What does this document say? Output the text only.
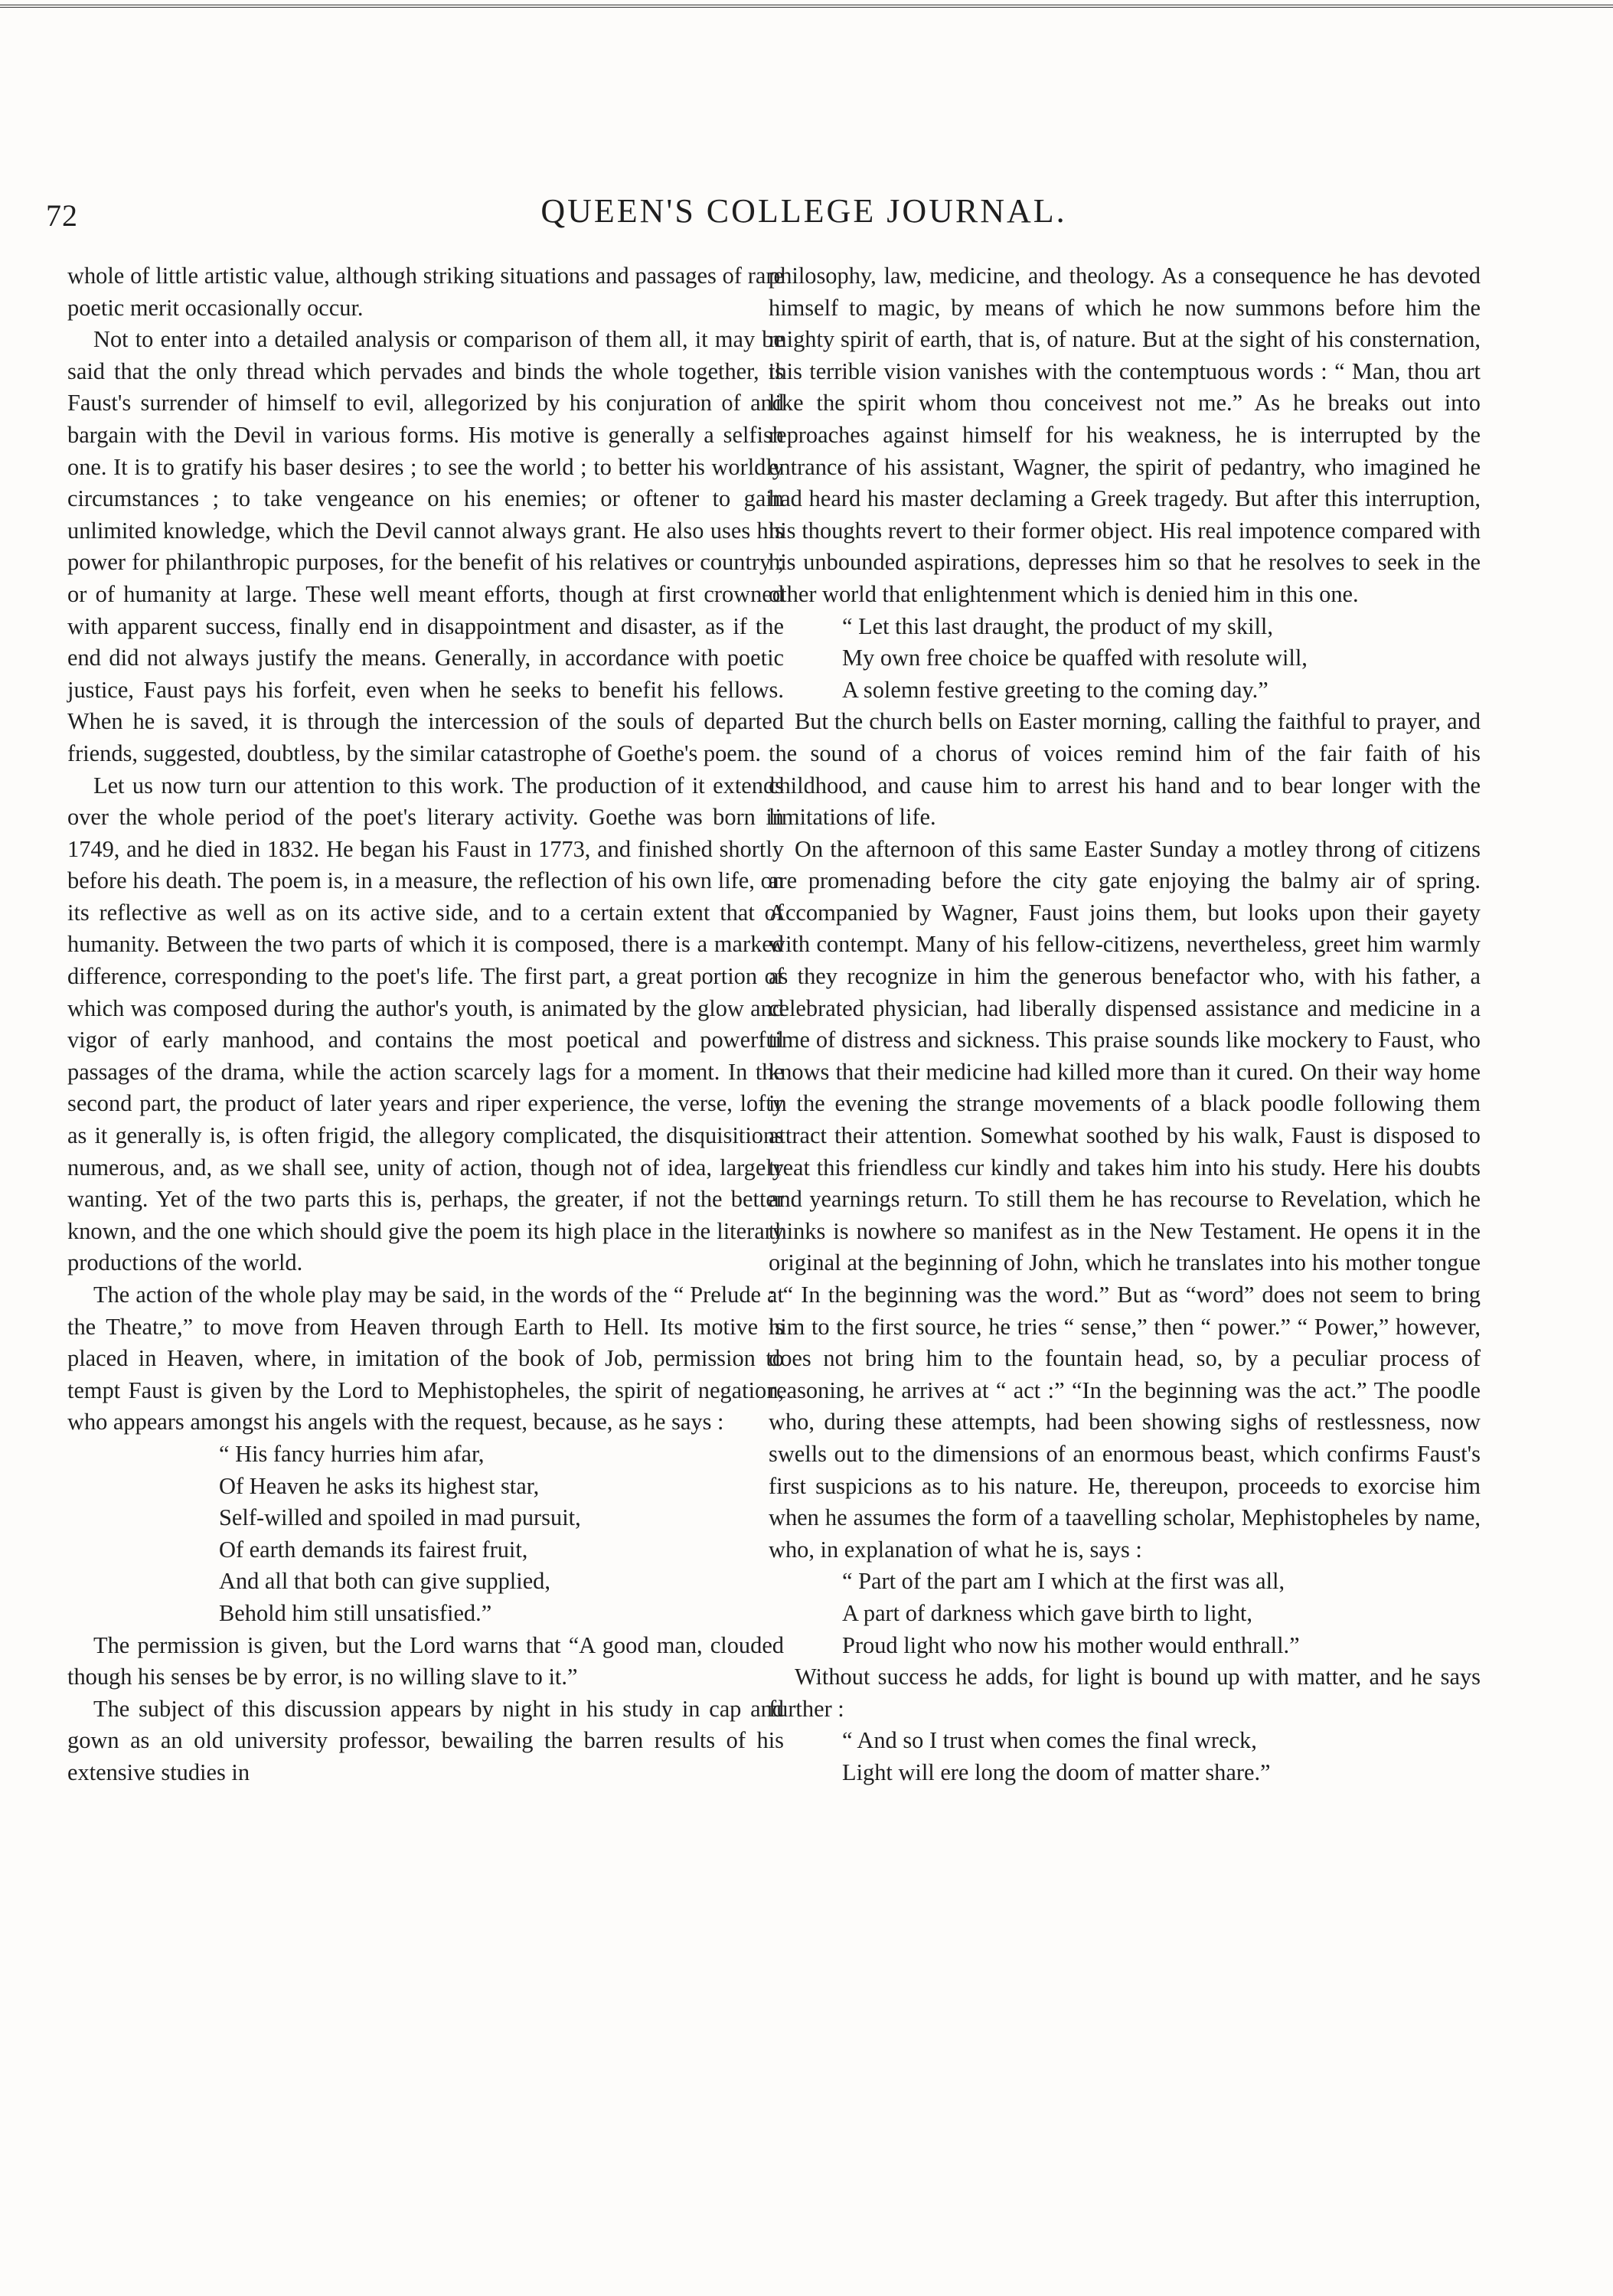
72	QUEEN'S COLLEGE JOURNAL.

whole of little artistic value, although striking situations and passages of rare poetic merit occasionally occur.

Not to enter into a detailed analysis or comparison of them all, it may be said that the only thread which pervades and binds the whole together, is Faust's surrender of himself to evil, allegorized by his conjuration of and bargain with the Devil in various forms. His motive is generally a selfish one. It is to gratify his baser desires ; to see the world ; to better his worldly circumstances ; to take vengeance on his enemies; or oftener to gain unlimited knowledge, which the Devil cannot always grant. He also uses his power for philanthropic purposes, for the benefit of his relatives or country ; or of humanity at large. These well meant efforts, though at first crowned with apparent success, finally end in disappointment and disaster, as if the end did not always justify the means. Generally, in accordance with poetic justice, Faust pays his forfeit, even when he seeks to benefit his fellows. When he is saved, it is through the intercession of the souls of departed friends, suggested, doubtless, by the similar catastrophe of Goethe's poem.

Let us now turn our attention to this work. The production of it extends over the whole period of the poet's literary activity. Goethe was born in 1749, and he died in 1832. He began his Faust in 1773, and finished shortly before his death. The poem is, in a measure, the reflection of his own life, on its reflective as well as on its active side, and to a certain extent that of humanity. Between the two parts of which it is composed, there is a marked difference, corresponding to the poet's life. The first part, a great portion of which was composed during the author's youth, is animated by the glow and vigor of early manhood, and contains the most poetical and powerful passages of the drama, while the action scarcely lags for a moment. In the second part, the product of later years and riper experience, the verse, lofty as it generally is, is often frigid, the allegory complicated, the disquisitions numerous, and, as we shall see, unity of action, though not of idea, largely wanting. Yet of the two parts this is, perhaps, the greater, if not the better known, and the one which should give the poem its high place in the literary productions of the world.

The action of the whole play may be said, in the words of the “ Prelude at the Theatre,” to move from Heaven through Earth to Hell. Its motive is placed in Heaven, where, in imitation of the book of Job, permission to tempt Faust is given by the Lord to Mephistopheles, the spirit of negation, who appears amongst his angels with the request, because, as he says :

“ His fancy hurries him afar,
Of Heaven he asks its highest star,
Self-willed and spoiled in mad pursuit,
Of earth demands its fairest fruit,
And all that both can give supplied,
Behold him still unsatisfied.”

The permission is given, but the Lord warns that “A good man, clouded though his senses be by error, is no willing slave to it.”

The subject of this discussion appears by night in his study in cap and gown as an old university professor, bewailing the barren results of his extensive studies in

philosophy, law, medicine, and theology. As a consequence he has devoted himself to magic, by means of which he now summons before him the mighty spirit of earth, that is, of nature. But at the sight of his consternation, this terrible vision vanishes with the contemptuous words : “ Man, thou art like the spirit whom thou conceivest not me.” As he breaks out into reproaches against himself for his weakness, he is interrupted by the entrance of his assistant, Wagner, the spirit of pedantry, who imagined he had heard his master declaming a Greek tragedy. But after this interruption, his thoughts revert to their former object. His real impotence compared with his unbounded aspirations, depresses him so that he resolves to seek in the other world that enlightenment which is denied him in this one.

“ Let this last draught, the product of my skill,
My own free choice be quaffed with resolute will,
A solemn festive greeting to the coming day.”

But the church bells on Easter morning, calling the faithful to prayer, and the sound of a chorus of voices remind him of the fair faith of his childhood, and cause him to arrest his hand and to bear longer with the limitations of life.

On the afternoon of this same Easter Sunday a motley throng of citizens are promenading before the city gate enjoying the balmy air of spring. Accompanied by Wagner, Faust joins them, but looks upon their gayety with contempt. Many of his fellow-citizens, nevertheless, greet him warmly as they recognize in him the generous benefactor who, with his father, a celebrated physician, had liberally dispensed assistance and medicine in a time of distress and sickness. This praise sounds like mockery to Faust, who knows that their medicine had killed more than it cured. On their way home in the evening the strange movements of a black poodle following them attract their attention. Somewhat soothed by his walk, Faust is disposed to treat this friendless cur kindly and takes him into his study. Here his doubts and yearnings return. To still them he has recourse to Revelation, which he thinks is nowhere so manifest as in the New Testament. He opens it in the original at the beginning of John, which he translates into his mother tongue : “ In the beginning was the word.” But as “word” does not seem to bring him to the first source, he tries “ sense,” then “ power.” “ Power,” however, does not bring him to the fountain head, so, by a peculiar process of reasoning, he arrives at “ act :” “In the beginning was the act.” The poodle who, during these attempts, had been showing sighs of restlessness, now swells out to the dimensions of an enormous beast, which confirms Faust's first suspicions as to his nature. He, thereupon, proceeds to exorcise him when he assumes the form of a taavelling scholar, Mephistopheles by name, who, in explanation of what he is, says :

“ Part of the part am I which at the first was all,
A part of darkness which gave birth to light,
Proud light who now his mother would enthrall.”

Without success he adds, for light is bound up with matter, and he says further :

“ And so I trust when comes the final wreck,
Light will ere long the doom of matter share.”
